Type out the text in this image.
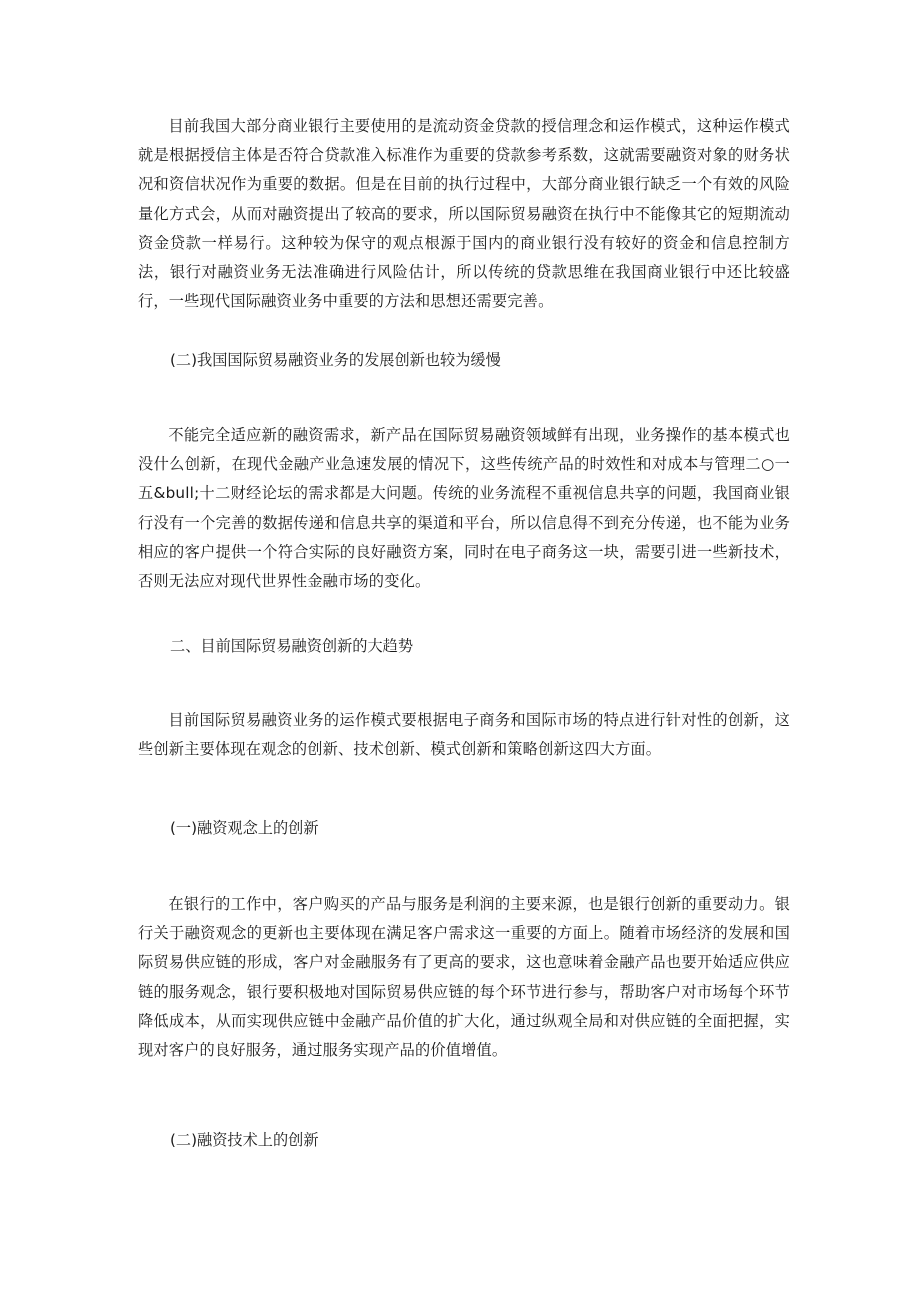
目前我国大部分商业银行主要使用的是流动资金贷款的授信理念和运作模式，这种运作模式就是根据授信主体是否符合贷款准入标准作为重要的贷款参考系数，这就需要融资对象的财务状况和资信状况作为重要的数据。但是在目前的执行过程中，大部分商业银行缺乏一个有效的风险量化方式会，从而对融资提出了较高的要求，所以国际贸易融资在执行中不能像其它的短期流动资金贷款一样易行。这种较为保守的观点根源于国内的商业银行没有较好的资金和信息控制方法，银行对融资业务无法准确进行风险估计，所以传统的贷款思维在我国商业银行中还比较盛行，一些现代国际融资业务中重要的方法和思想还需要完善。

(二)我国国际贸易融资业务的发展创新也较为缓慢

不能完全适应新的融资需求，新产品在国际贸易融资领域鲜有出现，业务操作的基本模式也没什么创新，在现代金融产业急速发展的情况下，这些传统产品的时效性和对成本与管理二○一五&bull;十二财经论坛的需求都是大问题。传统的业务流程不重视信息共享的问题，我国商业银行没有一个完善的数据传递和信息共享的渠道和平台，所以信息得不到充分传递，也不能为业务相应的客户提供一个符合实际的良好融资方案，同时在电子商务这一块，需要引进一些新技术，否则无法应对现代世界性金融市场的变化。

二、目前国际贸易融资创新的大趋势

目前国际贸易融资业务的运作模式要根据电子商务和国际市场的特点进行针对性的创新，这些创新主要体现在观念的创新、技术创新、模式创新和策略创新这四大方面。

(一)融资观念上的创新

在银行的工作中，客户购买的产品与服务是利润的主要来源，也是银行创新的重要动力。银行关于融资观念的更新也主要体现在满足客户需求这一重要的方面上。随着市场经济的发展和国际贸易供应链的形成，客户对金融服务有了更高的要求，这也意味着金融产品也要开始适应供应链的服务观念，银行要积极地对国际贸易供应链的每个环节进行参与，帮助客户对市场每个环节降低成本，从而实现供应链中金融产品价值的扩大化，通过纵观全局和对供应链的全面把握，实现对客户的良好服务，通过服务实现产品的价值增值。

(二)融资技术上的创新
